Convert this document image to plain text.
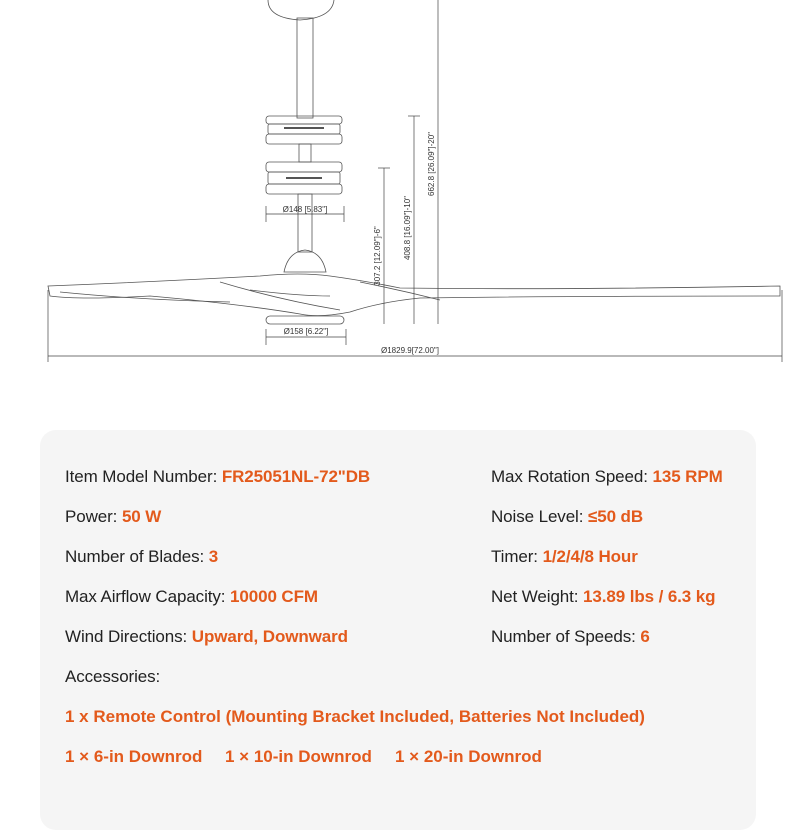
Ø148 [5.83"]
Ø158 [6.22"]
Ø1829.9[72.00"]
307.2 [12.09"]-6"	408.8 [16.09"]-10"
662.8 [26.09"]-20"
Item Model Number: FR25051NL-72"DB
Power: 50 W
Number of Blades: 3
Max Airflow Capacity: 10000 CFM
Wind Directions: Upward, Downward
Max Rotation Speed: 135 RPM
Noise Level: ≤50 dB
Timer: 1/2/4/8 Hour
Net Weight: 13.89 lbs / 6.3 kg
Number of Speeds: 6
Accessories:
1 x Remote Control (Mounting Bracket Included, Batteries Not Included)
1 × 6-in Downrod 1 × 10-in Downrod 1 × 20-in Downrod
